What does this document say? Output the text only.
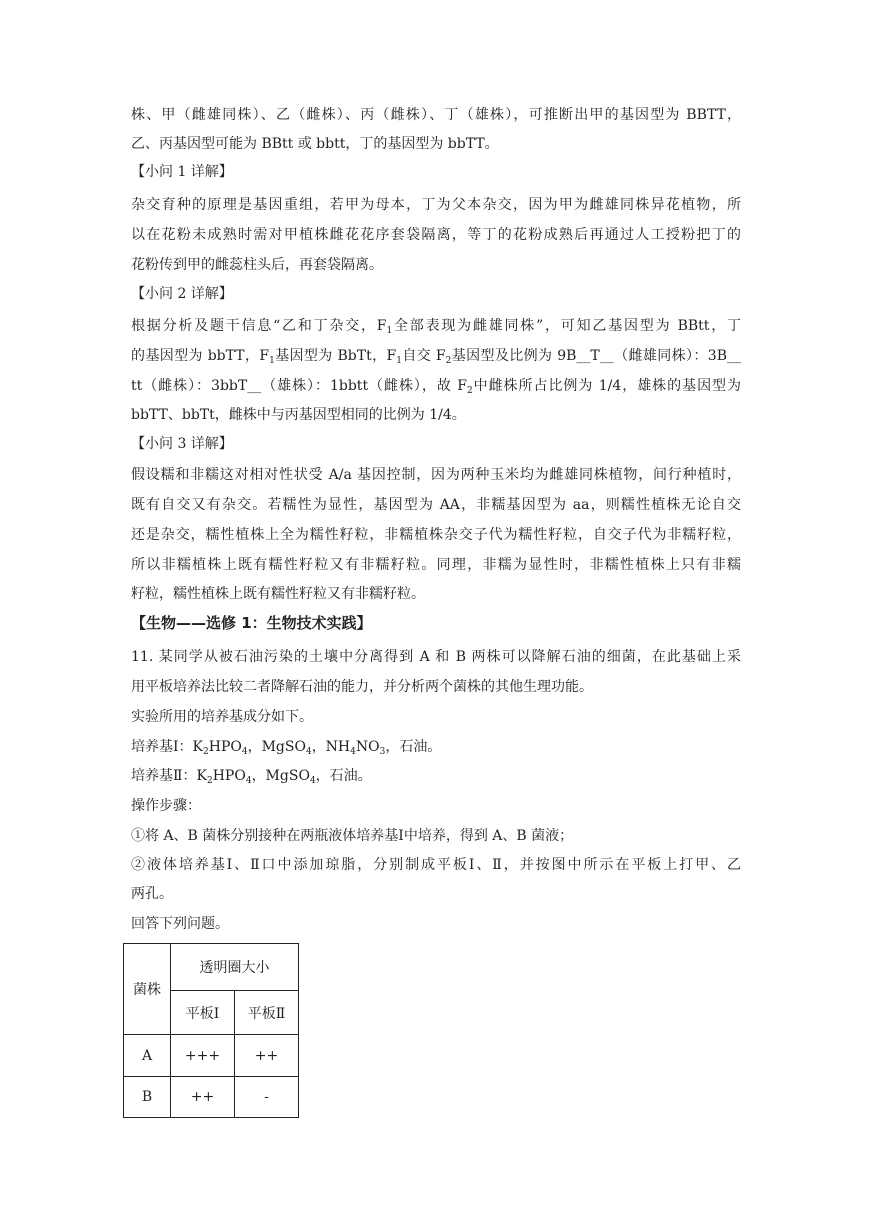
株、甲（雌雄同株）、乙（雌株）、丙（雌株）、丁（雄株），可推断出甲的基因型为 BBTT，
乙、丙基因型可能为 BBtt 或 bbtt，丁的基因型为 bbTT。
【小问 1 详解】
杂交育种的原理是基因重组，若甲为母本，丁为父本杂交，因为甲为雌雄同株异花植物，所
以在花粉未成熟时需对甲植株雌花花序套袋隔离，等丁的花粉成熟后再通过人工授粉把丁的
花粉传到甲的雌蕊柱头后，再套袋隔离。
【小问 2 详解】
根据分析及题干信息“乙和丁杂交，$F_1$全部表现为雌雄同株”，可知乙基因型为 BBtt，丁
的基因型为 bbTT，$F_1$基因型为 BbTt，$F_1$自交 $F_2$基因型及比例为 9B__T__（雌雄同株）：3B__
tt（雌株）：3bbT__（雄株）：1bbtt（雌株），故 $F_2$中雌株所占比例为 1/4，雄株的基因型为
bbTT、bbTt，雌株中与丙基因型相同的比例为 1/4。
【小问 3 详解】
假设糯和非糯这对相对性状受 A/a 基因控制，因为两种玉米均为雌雄同株植物，间行种植时，
既有自交又有杂交。若糯性为显性，基因型为 AA，非糯基因型为 aa，则糯性植株无论自交
还是杂交，糯性植株上全为糯性籽粒，非糯植株杂交子代为糯性籽粒，自交子代为非糯籽粒，
所以非糯植株上既有糯性籽粒又有非糯籽粒。同理，非糯为显性时，非糯性植株上只有非糯
籽粒，糯性植株上既有糯性籽粒又有非糯籽粒。
【生物——选修 1：生物技术实践】
11. 某同学从被石油污染的土壤中分离得到 A 和 B 两株可以降解石油的细菌，在此基础上采
用平板培养法比较二者降解石油的能力，并分析两个菌株的其他生理功能。
实验所用的培养基成分如下。
培养基Ⅰ：$K_2HPO_4$，MgSO$_4$，$NH_4NO_3$，石油。
培养基Ⅱ：$K_2HPO_4$，MgSO$_4$，石油。
操作步骤：
①将 A、B 菌株分别接种在两瓶液体培养基Ⅰ中培养，得到 A、B 菌液；
②液体培养基Ⅰ、Ⅱ口中添加琼脂，分别制成平板Ⅰ、Ⅱ，并按图中所示在平板上打甲、乙
两孔。
回答下列问题。
菌株	透明圈大小	
	平板Ⅰ	平板Ⅱ
A	+++	++
B	++	-
